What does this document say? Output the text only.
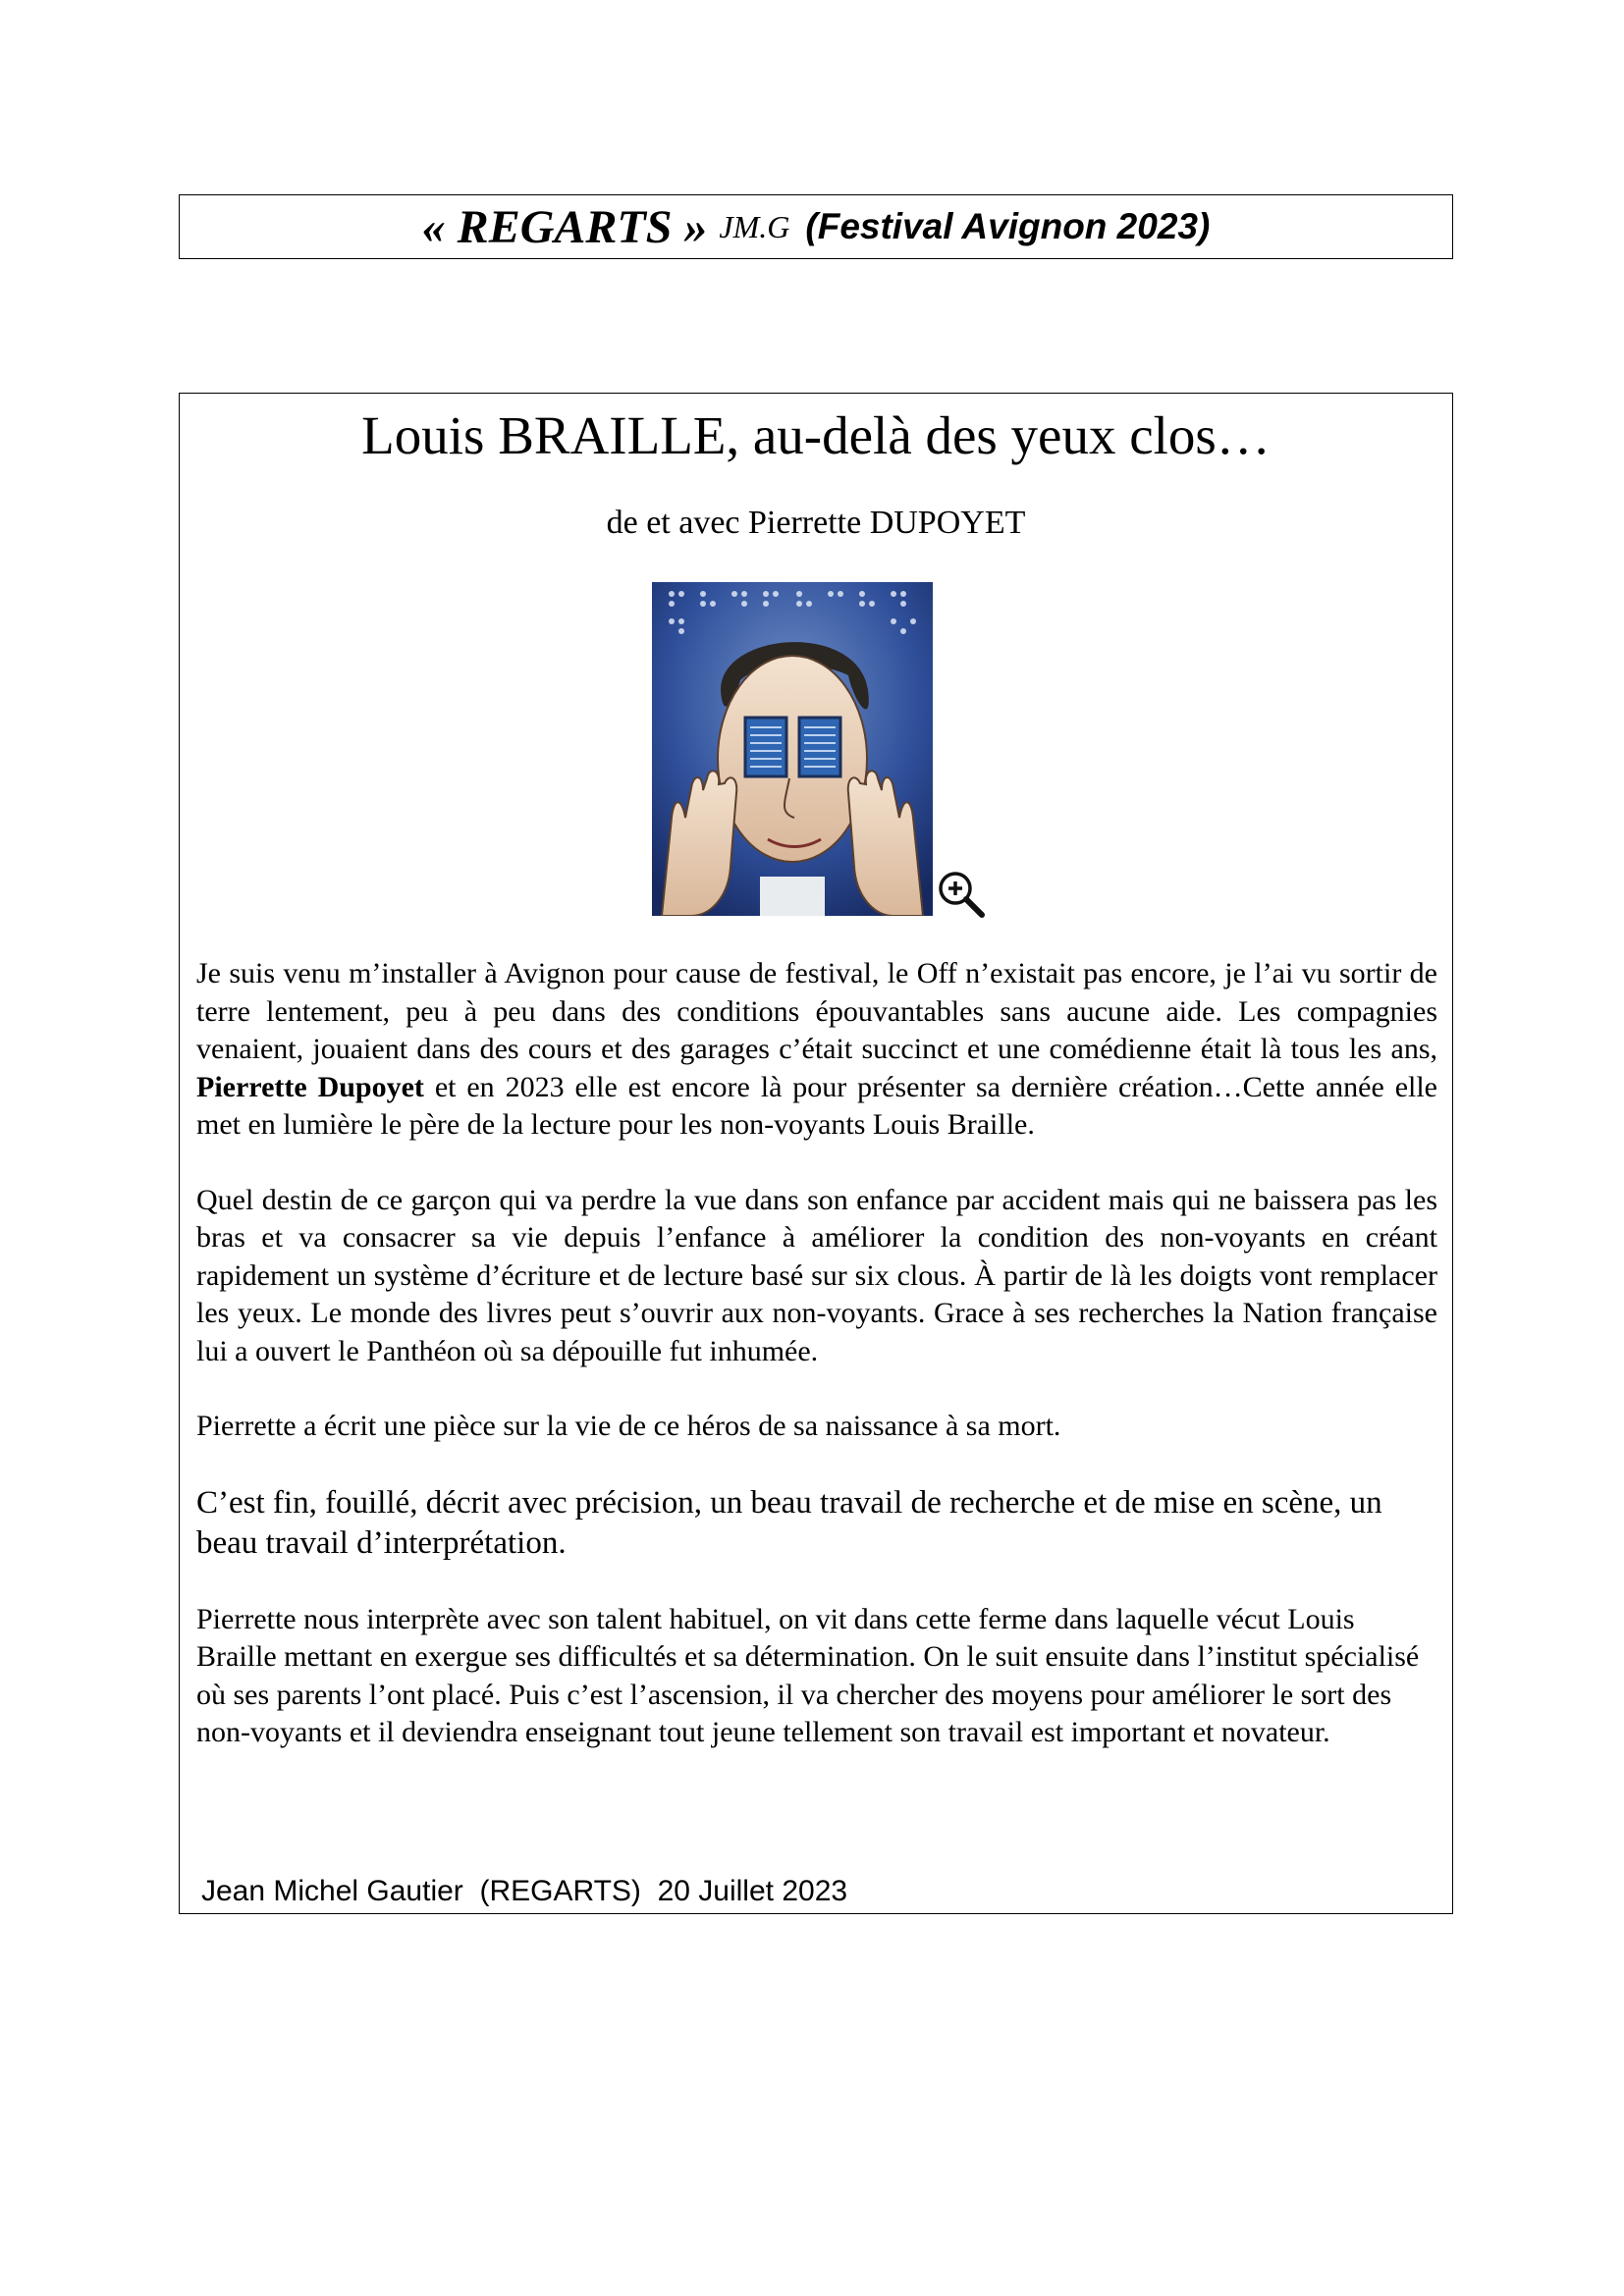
« REGARTS » JM.G (Festival Avignon 2023)
Louis BRAILLE, au-delà des yeux clos…
de et avec Pierrette DUPOYET

Je suis venu m’installer à Avignon pour cause de festival, le Off n’existait pas encore, je l’ai vu sortir de terre lentement, peu à peu dans des conditions épouvantables sans aucune aide. Les compagnies venaient, jouaient dans des cours et des garages c’était succinct et une comédienne était là tous les ans, Pierrette Dupoyet et en 2023 elle est encore là pour présenter sa dernière création…Cette année elle met en lumière le père de la lecture pour les non-voyants Louis Braille.

Quel destin de ce garçon qui va perdre la vue dans son enfance par accident mais qui ne baissera pas les bras et va consacrer sa vie depuis l’enfance à améliorer la condition des non-voyants en créant rapidement un système d’écriture et de lecture basé sur six clous. À partir de là les doigts vont remplacer les yeux. Le monde des livres peut s’ouvrir aux non-voyants. Grace à ses recherches la Nation française lui a ouvert le Panthéon où sa dépouille fut inhumée.

Pierrette a écrit une pièce sur la vie de ce héros de sa naissance à sa mort.

C’est fin, fouillé, décrit avec précision, un beau travail de recherche et de mise en scène, un beau travail d’interprétation.

Pierrette nous interprète avec son talent habituel, on vit dans cette ferme dans laquelle vécut Louis Braille mettant en exergue ses difficultés et sa détermination. On le suit ensuite dans l’institut spécialisé où ses parents l’ont placé. Puis c’est l’ascension, il va chercher des moyens pour améliorer le sort des non-voyants et il deviendra enseignant tout jeune tellement son travail est important et novateur.

Jean Michel Gautier  (REGARTS)  20 Juillet 2023
